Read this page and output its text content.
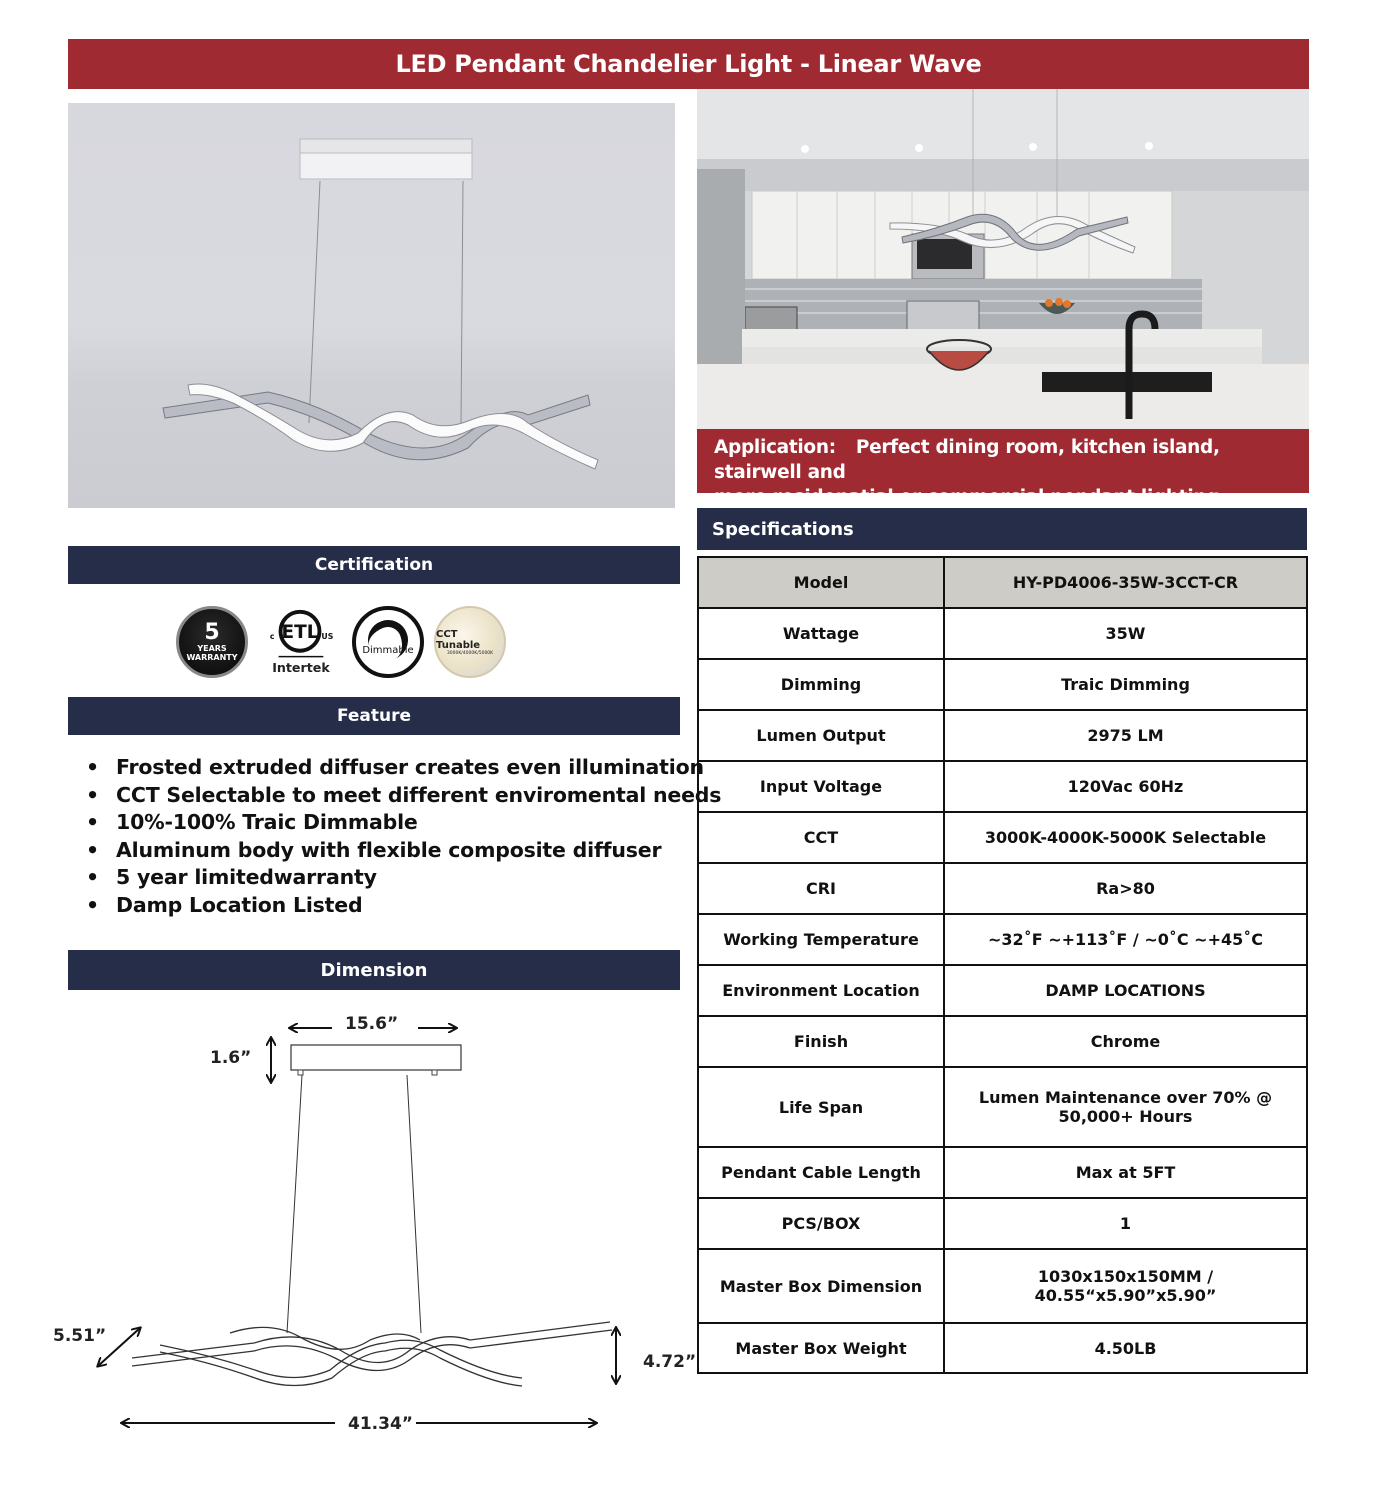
LED Pendant Chandelier Light - Linear Wave
Application: Perfect dining room, kitchen island, stairwell and
more residenatial or commercial pendant lighting
Certification
5
YEARS
WARRANTY
ETL
c	US
Intertek
Dimmable
CCT Tunable
3000K/4000K/5000K
Feature
• Frosted extruded diffuser creates even illumination
• CCT Selectable to meet different enviromental needs
• 10%-100% Traic Dimmable
• Aluminum body with flexible composite diffuser
• 5 year limitedwarranty
• Damp Location Listed
Dimension
15.6”
1.6”
5.51”
4.72”
41.34”
Specifications
Model	HY-PD4006-35W-3CCT-CR
Wattage	35W
Dimming	Traic Dimming
Lumen Output	2975 LM
Input Voltage	120Vac 60Hz
CCT	3000K-4000K-5000K Selectable
CRI	Ra>80
Working Temperature	~32˚F ~+113˚F / ~0˚C ~+45˚C
Environment Location	DAMP LOCATIONS
Finish	Chrome
Life Span	Lumen Maintenance over 70% @
50,000+ Hours

Pendant Cable Length	Max at 5FT
PCS/BOX	1
Master Box Dimension	1030x150x150MM / 40.55“x5.90”x5.90”
Master Box Weight	4.50LB
